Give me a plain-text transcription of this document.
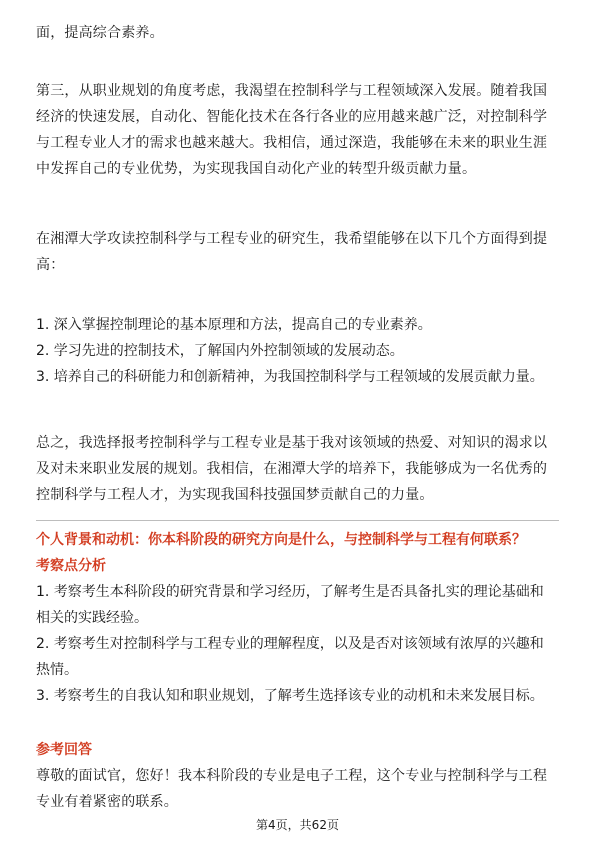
面，提高综合素养。

第三，从职业规划的角度考虑，我渴望在控制科学与工程领域深入发展。随着我国

经济的快速发展，自动化、智能化技术在各行各业的应用越来越广泛，对控制科学

与工程专业人才的需求也越来越大。我相信，通过深造，我能够在未来的职业生涯

中发挥自己的专业优势，为实现我国自动化产业的转型升级贡献力量。

在湘潭大学攻读控制科学与工程专业的研究生，我希望能够在以下几个方面得到提

高：

1. 深入掌握控制理论的基本原理和方法，提高自己的专业素养。

2. 学习先进的控制技术，了解国内外控制领域的发展动态。

3. 培养自己的科研能力和创新精神，为我国控制科学与工程领域的发展贡献力量。

总之，我选择报考控制科学与工程专业是基于我对该领域的热爱、对知识的渴求以

及对未来职业发展的规划。我相信，在湘潭大学的培养下，我能够成为一名优秀的

控制科学与工程人才，为实现我国科技强国梦贡献自己的力量。

个人背景和动机：你本科阶段的研究方向是什么，与控制科学与工程有何联系？

考察点分析

1. 考察考生本科阶段的研究背景和学习经历，了解考生是否具备扎实的理论基础和

相关的实践经验。

2. 考察考生对控制科学与工程专业的理解程度，以及是否对该领域有浓厚的兴趣和

热情。

3. 考察考生的自我认知和职业规划，了解考生选择该专业的动机和未来发展目标。

参考回答

尊敬的面试官，您好！我本科阶段的专业是电子工程，这个专业与控制科学与工程

专业有着紧密的联系。

第4页，共62页
